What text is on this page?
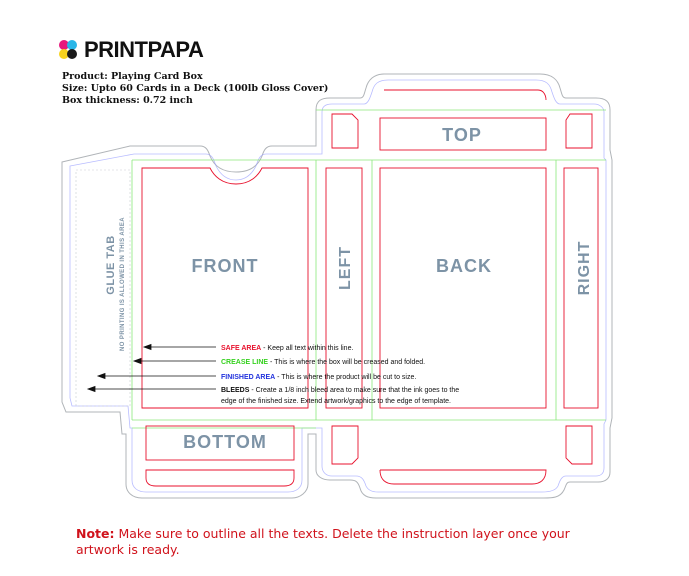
PRINTPAPA
Product: Playing Card Box
Size: Upto 60 Cards in a Deck (100lb Gloss Cover)
Box thickness: 0.72 inch
FRONT	BACK
TOP
BOTTOM
LEFT	RIGHT
GLUE TAB NO PRINTING IS ALLOWED IN THIS AREA	SAFE AREA - Keep all text within this line.
CREASE LINE - This is where the box will be creased and folded.
FINISHED AREA - This is where the product will be cut to size.
BLEEDS - Create a 1/8 inch bleed area to make sure that the ink goes to the
edge of the finished size. Extend artwork/graphics to the edge of template.
Note: Make sure to outline all the texts. Delete the instruction layer once your artwork is ready.
